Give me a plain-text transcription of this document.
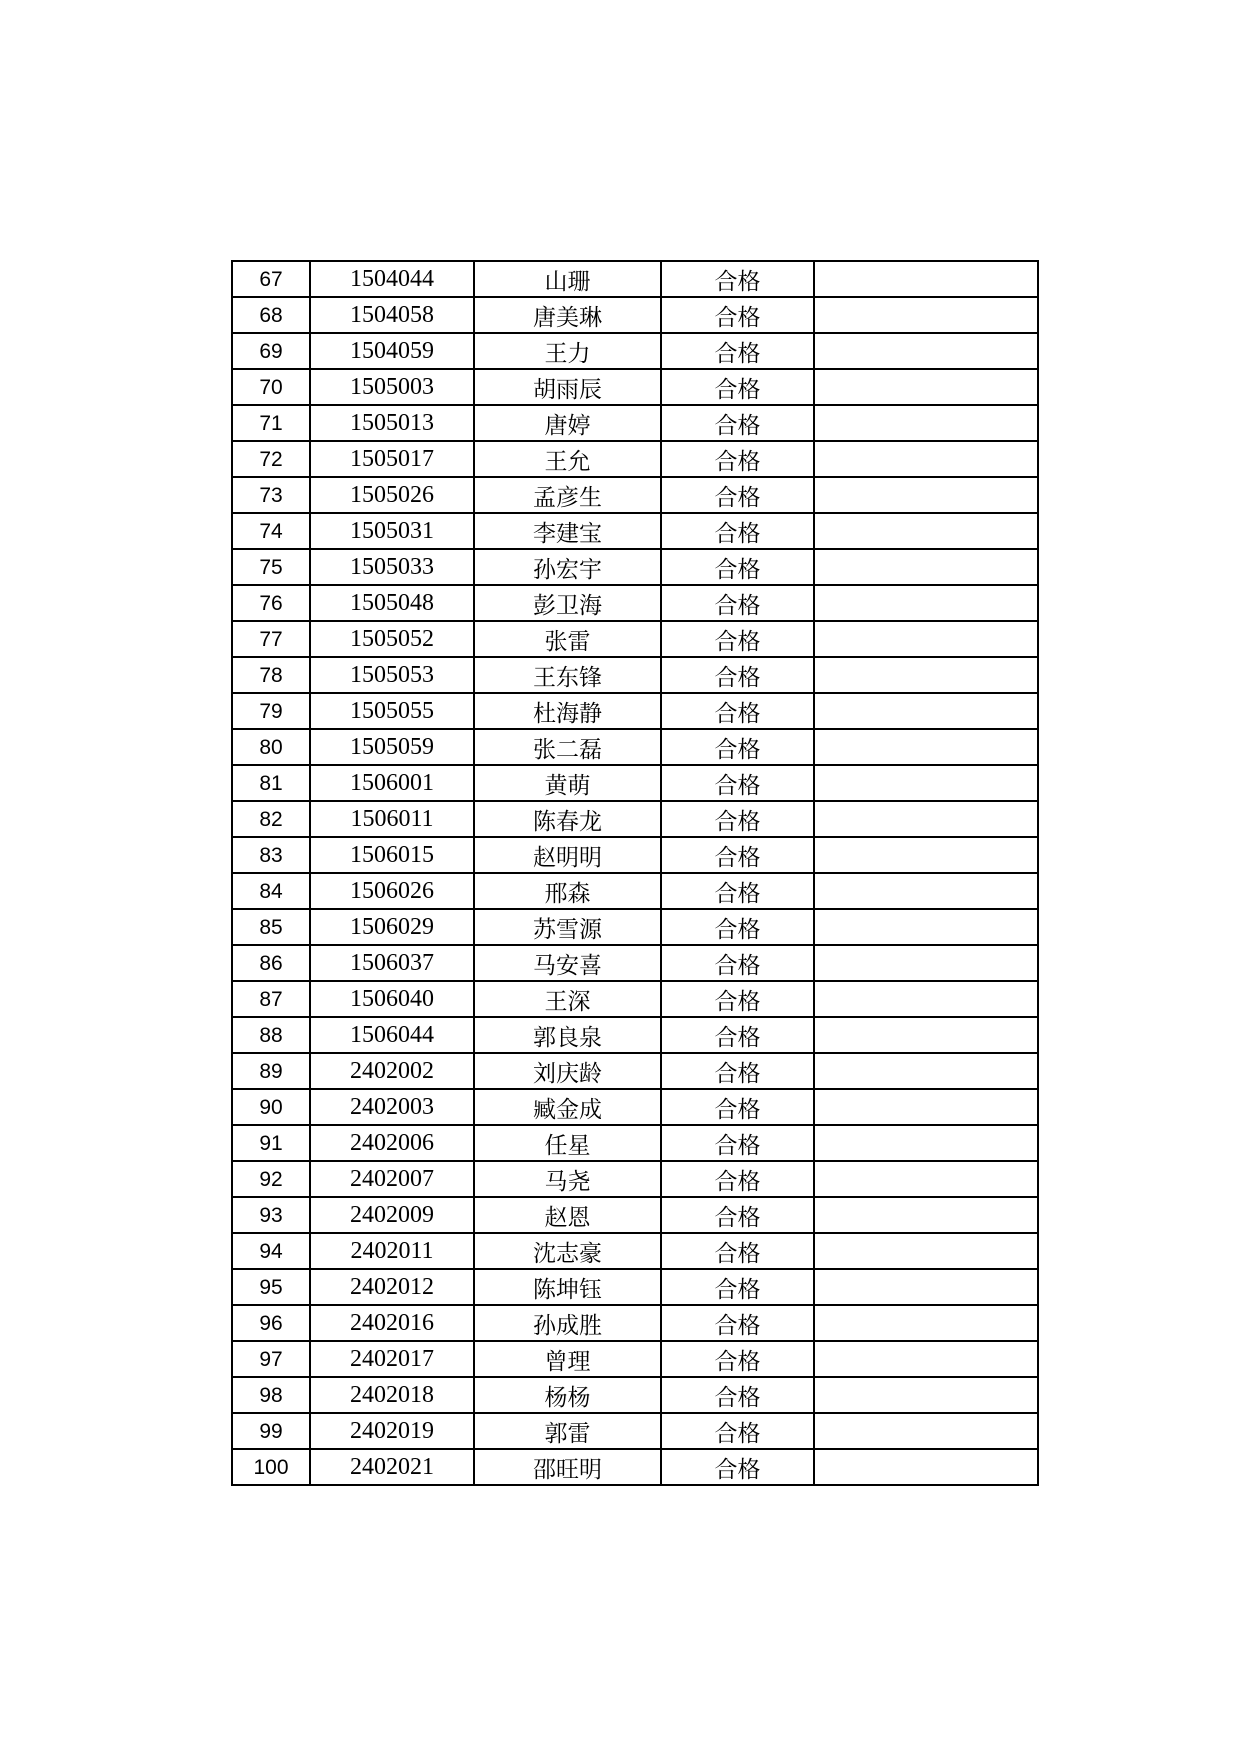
67	1504044	山珊	合格	
68	1504058	唐美琳	合格	
69	1504059	王力	合格	
70	1505003	胡雨辰	合格	
71	1505013	唐婷	合格	
72	1505017	王允	合格	
73	1505026	孟彦生	合格	
74	1505031	李建宝	合格	
75	1505033	孙宏宇	合格	
76	1505048	彭卫海	合格	
77	1505052	张雷	合格	
78	1505053	王东锋	合格	
79	1505055	杜海静	合格	
80	1505059	张二磊	合格	
81	1506001	黄萌	合格	
82	1506011	陈春龙	合格	
83	1506015	赵明明	合格	
84	1506026	邢森	合格	
85	1506029	苏雪源	合格	
86	1506037	马安喜	合格	
87	1506040	王深	合格	
88	1506044	郭良泉	合格	
89	2402002	刘庆龄	合格	
90	2402003	臧金成	合格	
91	2402006	任星	合格	
92	2402007	马尧	合格	
93	2402009	赵恩	合格	
94	2402011	沈志豪	合格	
95	2402012	陈坤钰	合格	
96	2402016	孙成胜	合格	
97	2402017	曾理	合格	
98	2402018	杨杨	合格	
99	2402019	郭雷	合格	
100	2402021	邵旺明	合格	
